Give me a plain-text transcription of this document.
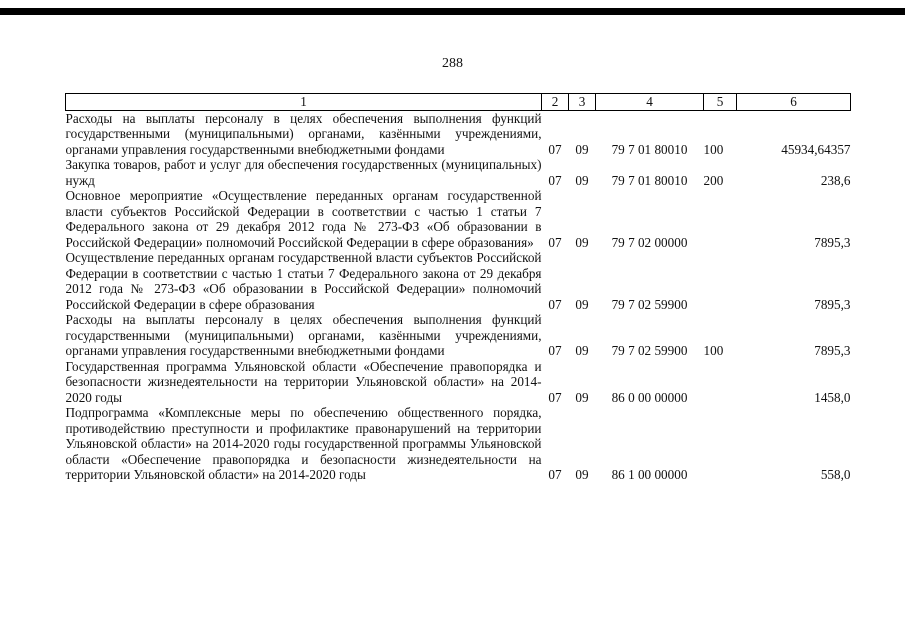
288
1	2	3	4	5	6
Расходы на выплаты персоналу в целях обеспечения выполнения функций государственными (муниципальными) органами, казёнными учреждениями, органами управления государственными внебюджетными фондами	07	09	79 7 01 80010	100	45934,64357
Закупка товаров, работ и услуг для обеспечения государственных (муниципальных) нужд	07	09	79 7 01 80010	200	238,6
Основное мероприятие «Осуществление переданных органам государственной власти субъектов Российской Федерации в соответствии с частью 1 статьи 7 Федерального закона от 29 декабря 2012 года № 273-ФЗ «Об образовании в Российской Федерации» полномочий Российской Федерации в сфере образования»	07	09	79 7 02 00000		7895,3
Осуществление переданных органам государственной власти субъектов Российской Федерации в соответствии с частью 1 статьи 7 Федерального закона от 29 декабря 2012 года № 273-ФЗ «Об образовании в Российской Федерации» полномочий Российской Федерации в сфере образования	07	09	79 7 02 59900		7895,3
Расходы на выплаты персоналу в целях обеспечения выполнения функций государственными (муниципальными) органами, казёнными учреждениями, органами управления государственными внебюджетными фондами	07	09	79 7 02 59900	100	7895,3
Государственная программа Ульяновской области «Обеспечение правопорядка и безопасности жизнедеятельности на территории Ульяновской области» на 2014-2020 годы	07	09	86 0 00 00000		1458,0
Подпрограмма «Комплексные меры по обеспечению общественного порядка, противодействию преступности и профилактике правонарушений на территории Ульяновской области» на 2014-2020 годы государственной программы Ульяновской области «Обеспечение правопорядка и безопасности жизнедеятельности на территории Ульяновской области» на 2014-2020 годы	07	09	86 1 00 00000		558,0
